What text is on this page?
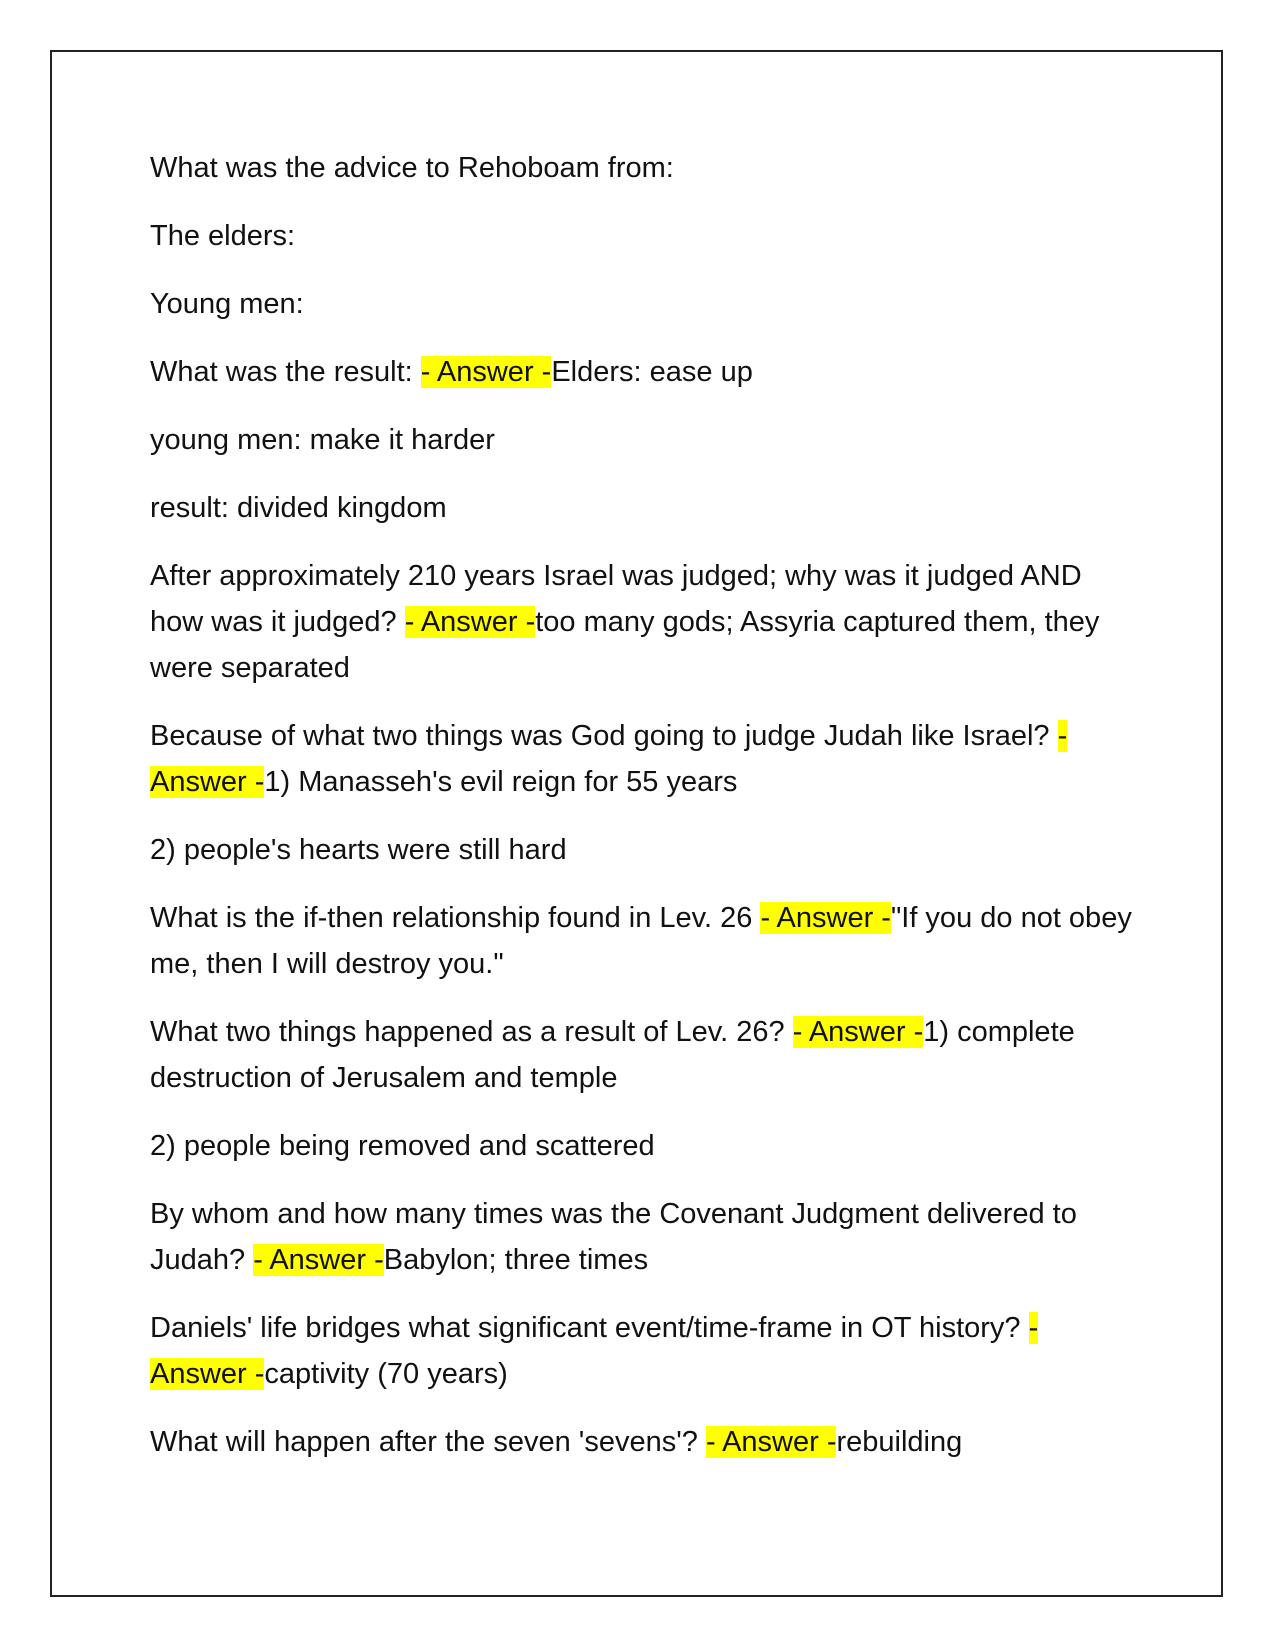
What was the advice to Rehoboam from:

The elders:

Young men:

What was the result: - Answer -Elders: ease up

young men: make it harder

result: divided kingdom

After approximately 210 years Israel was judged; why was it judged AND how was it judged? - Answer -too many gods; Assyria captured them, they were separated

Because of what two things was God going to judge Judah like Israel? - Answer -1) Manasseh's evil reign for 55 years

2) people's hearts were still hard

What is the if-then relationship found in Lev. 26 - Answer -"If you do not obey me, then I will destroy you."

What two things happened as a result of Lev. 26? - Answer -1) complete destruction of Jerusalem and temple

2) people being removed and scattered

By whom and how many times was the Covenant Judgment delivered to Judah? - Answer -Babylon; three times

Daniels' life bridges what significant event/time-frame in OT history? - Answer -captivity (70 years)

What will happen after the seven 'sevens'? - Answer -rebuilding
